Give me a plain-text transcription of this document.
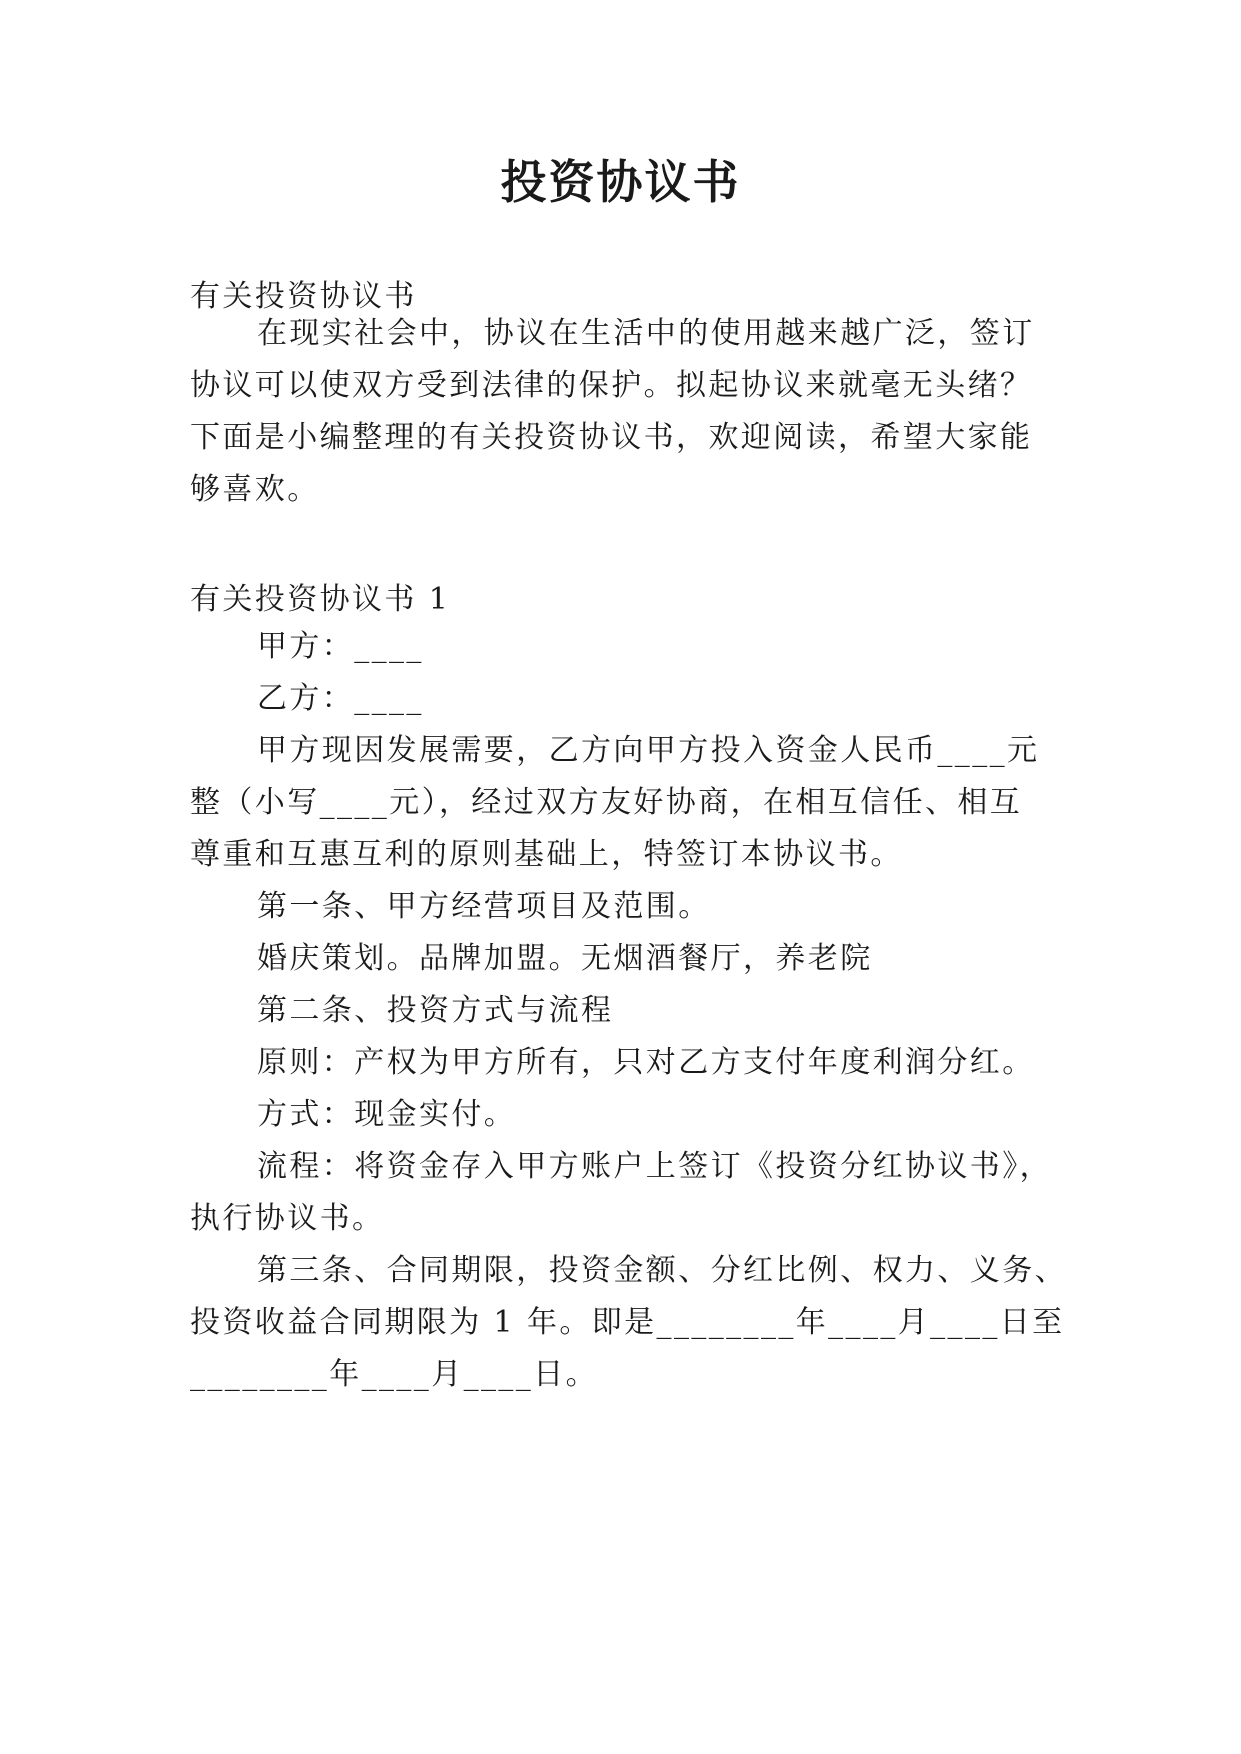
投资协议书

有关投资协议书

在现实社会中，协议在生活中的使用越来越广泛，签订

协议可以使双方受到法律的保护。拟起协议来就毫无头绪？

下面是小编整理的有关投资协议书，欢迎阅读，希望大家能

够喜欢。

有关投资协议书 1

甲方：____

乙方：____

甲方现因发展需要，乙方向甲方投入资金人民币____元

整（小写____元），经过双方友好协商，在相互信任、相互

尊重和互惠互利的原则基础上，特签订本协议书。

第一条、甲方经营项目及范围。

婚庆策划。品牌加盟。无烟酒餐厅，养老院

第二条、投资方式与流程

原则：产权为甲方所有，只对乙方支付年度利润分红。

方式：现金实付。

流程：将资金存入甲方账户上签订《投资分红协议书》，

执行协议书。

第三条、合同期限，投资金额、分红比例、权力、义务、

投资收益合同期限为 1 年。即是________年____月____日至

________年____月____日。
